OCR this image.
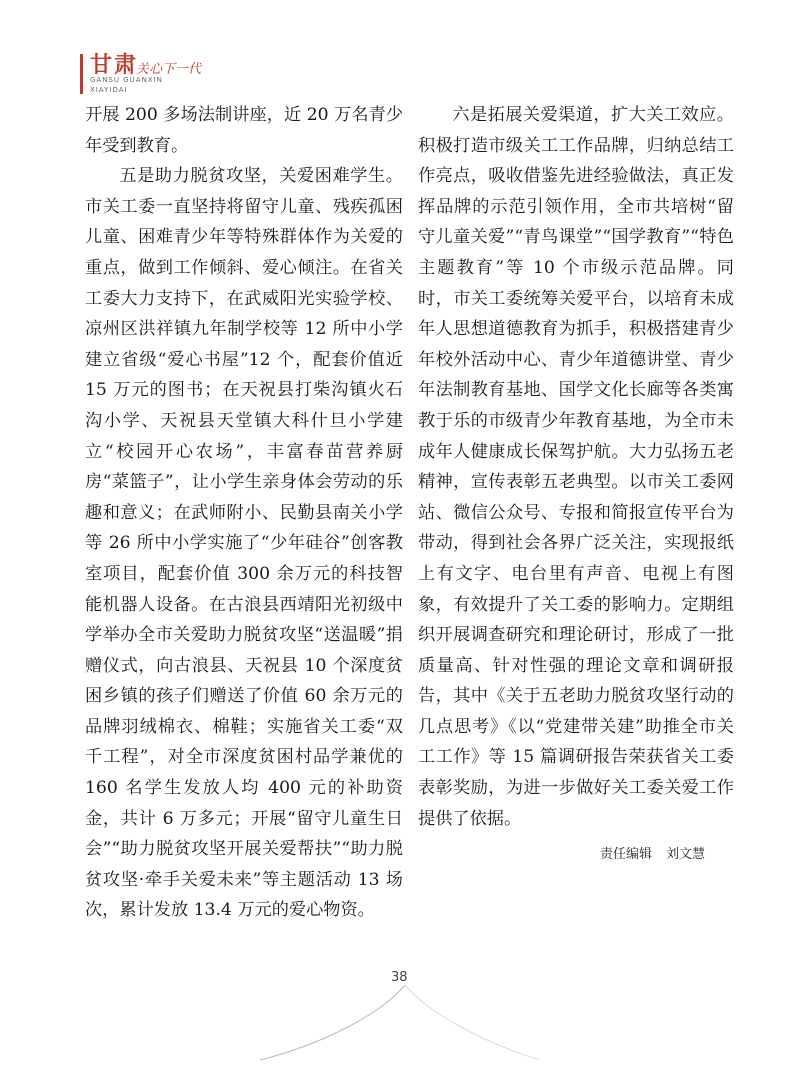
甘肃
关心下一代
GANSU GUANXIN
XIAYIDAI

开展 200 多场法制讲座，近 20 万名青少年受到教育。

五是助力脱贫攻坚，关爱困难学生。市关工委一直坚持将留守儿童、残疾孤困儿童、困难青少年等特殊群体作为关爱的重点，做到工作倾斜、爱心倾注。在省关工委大力支持下，在武威阳光实验学校、凉州区洪祥镇九年制学校等 12 所中小学建立省级“爱心书屋”12 个，配套价值近 15 万元的图书；在天祝县打柴沟镇火石沟小学、天祝县天堂镇大科什旦小学建立“校园开心农场”，丰富春苗营养厨房“菜篮子”，让小学生亲身体会劳动的乐趣和意义；在武师附小、民勤县南关小学等 26 所中小学实施了“少年硅谷”创客教室项目，配套价值 300 余万元的科技智能机器人设备。在古浪县西靖阳光初级中学举办全市关爱助力脱贫攻坚“送温暖”捐赠仪式，向古浪县、天祝县 10 个深度贫困乡镇的孩子们赠送了价值 60 余万元的品牌羽绒棉衣、棉鞋；实施省关工委“双千工程”，对全市深度贫困村品学兼优的 160 名学生发放人均 400 元的补助资金，共计 6 万多元；开展“留守儿童生日会”“助力脱贫攻坚开展关爱帮扶”“助力脱贫攻坚·牵手关爱未来”等主题活动 13 场次，累计发放 13.4 万元的爱心物资。

六是拓展关爱渠道，扩大关工效应。积极打造市级关工工作品牌，归纳总结工作亮点，吸收借鉴先进经验做法，真正发挥品牌的示范引领作用，全市共培树“留守儿童关爱”“青鸟课堂”“国学教育”“特色主题教育”等 10 个市级示范品牌。同时，市关工委统筹关爱平台，以培育未成年人思想道德教育为抓手，积极搭建青少年校外活动中心、青少年道德讲堂、青少年法制教育基地、国学文化长廊等各类寓教于乐的市级青少年教育基地，为全市未成年人健康成长保驾护航。大力弘扬五老精神，宣传表彰五老典型。以市关工委网站、微信公众号、专报和简报宣传平台为带动，得到社会各界广泛关注，实现报纸上有文字、电台里有声音、电视上有图象，有效提升了关工委的影响力。定期组织开展调查研究和理论研讨，形成了一批质量高、针对性强的理论文章和调研报告，其中《关于五老助力脱贫攻坚行动的几点思考》《以“党建带关建”助推全市关工工作》等 15 篇调研报告荣获省关工委表彰奖励，为进一步做好关工委关爱工作提供了依据。

责任编辑 刘文慧
38
